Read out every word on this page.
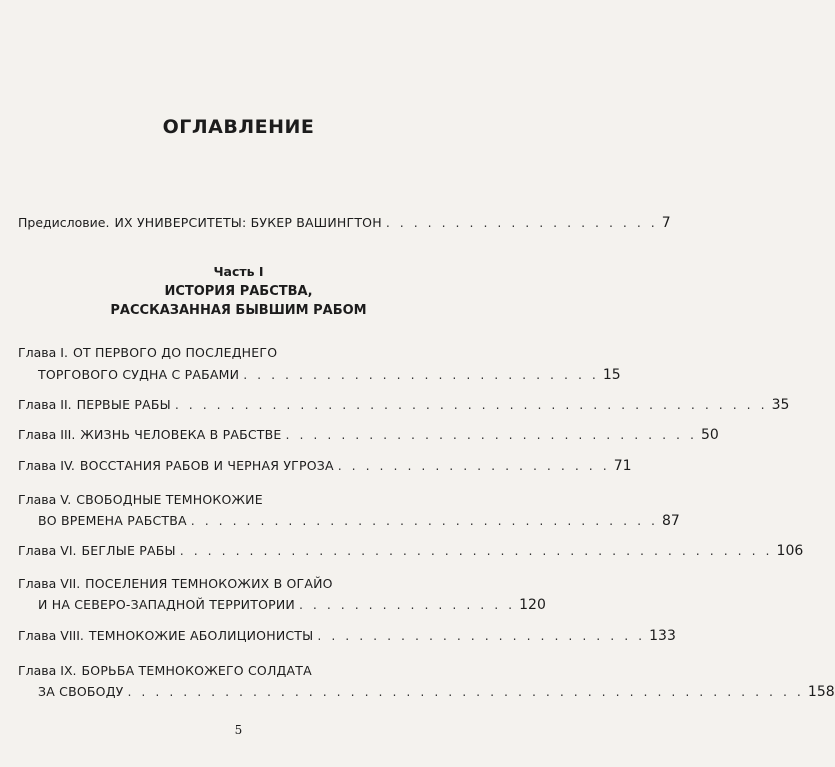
ОГЛАВЛЕНИЕ
Предисловие. ИХ УНИВЕРСИТЕТЫ: БУКЕР ВАШИНГТОН . . . . . . . . . . . . . . . . . . . . 7
Часть I
ИСТОРИЯ РАБСТВА,
РАССКАЗАННАЯ БЫВШИМ РАБОМ
Глава I. ОТ ПЕРВОГО ДО ПОСЛЕДНЕГО
ТОРГОВОГО СУДНА С РАБАМИ . . . . . . . . . . . . . . . . . . . . . . . . . . 15
Глава II. ПЕРВЫЕ РАБЫ . . . . . . . . . . . . . . . . . . . . . . . . . . . . . . . . . . . . . . . . . . . 35
Глава III. ЖИЗНЬ ЧЕЛОВЕКА В РАБСТВЕ . . . . . . . . . . . . . . . . . . . . . . . . . . . . . . 50
Глава IV. ВОССТАНИЯ РАБОВ И ЧЕРНАЯ УГРОЗА . . . . . . . . . . . . . . . . . . . . 71
Глава V. СВОБОДНЫЕ ТЕМНОКОЖИЕ
ВО ВРЕМЕНА РАБСТВА . . . . . . . . . . . . . . . . . . . . . . . . . . . . . . . . . . 87
Глава VI. БЕГЛЫЕ РАБЫ . . . . . . . . . . . . . . . . . . . . . . . . . . . . . . . . . . . . . . . . . . . 106
Глава VII. ПОСЕЛЕНИЯ ТЕМНОКОЖИХ В ОГАЙО
И НА СЕВЕРО-ЗАПАДНОЙ ТЕРРИТОРИИ . . . . . . . . . . . . . . . . 120
Глава VIII. ТЕМНОКОЖИЕ АБОЛИЦИОНИСТЫ . . . . . . . . . . . . . . . . . . . . . . . . 133
Глава IX. БОРЬБА ТЕМНОКОЖЕГО СОЛДАТА
ЗА СВОБОДУ . . . . . . . . . . . . . . . . . . . . . . . . . . . . . . . . . . . . . . . . . . . . . . . . . 158
5
